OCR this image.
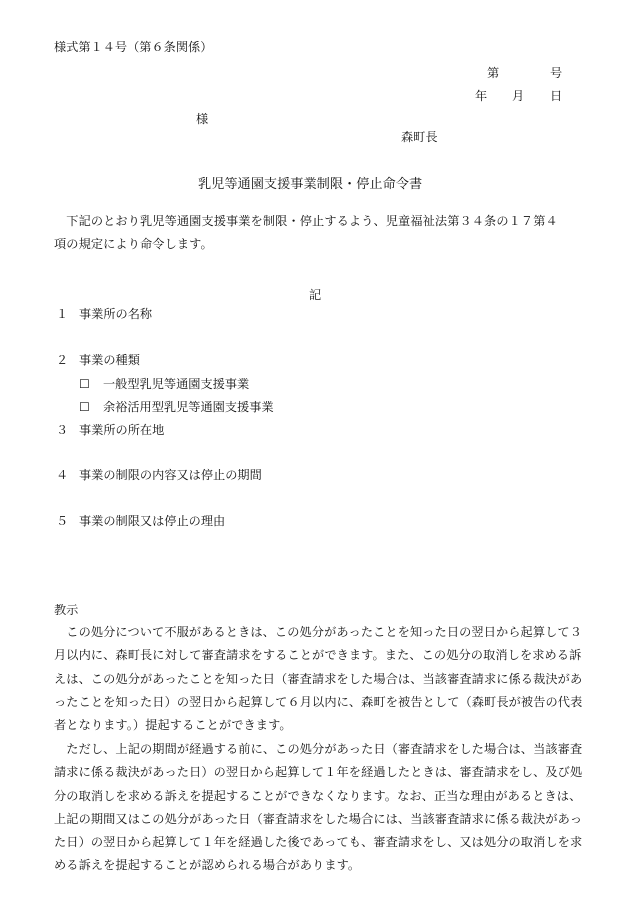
様式第１４号（第６条関係）
第	号
年 月 日
様
森町長
乳児等通園支援事業制限・停止命令書
　下記のとおり乳児等通園支援事業を制限・停止するよう、児童福祉法第３４条の１７第４
項の規定により命令します。
記
１ 事業所の名称
２ 事業の種類
☐ 一般型乳児等通園支援事業
☐ 余裕活用型乳児等通園支援事業
３ 事業所の所在地
４ 事業の制限の内容又は停止の期間
５ 事業の制限又は停止の理由
教示
　この処分について不服があるときは、この処分があったことを知った日の翌日から起算して３
月以内に、森町長に対して審査請求をすることができます。また、この処分の取消しを求める訴
えは、この処分があったことを知った日（審査請求をした場合は、当該審査請求に係る裁決があ
ったことを知った日）の翌日から起算して６月以内に、森町を被告として（森町長が被告の代表
者となります。）提起することができます。
　ただし、上記の期間が経過する前に、この処分があった日（審査請求をした場合は、当該審査
請求に係る裁決があった日）の翌日から起算して１年を経過したときは、審査請求をし、及び処
分の取消しを求める訴えを提起することができなくなります。なお、正当な理由があるときは、
上記の期間又はこの処分があった日（審査請求をした場合には、当該審査請求に係る裁決があっ
た日）の翌日から起算して１年を経過した後であっても、審査請求をし、又は処分の取消しを求
める訴えを提起することが認められる場合があります。
